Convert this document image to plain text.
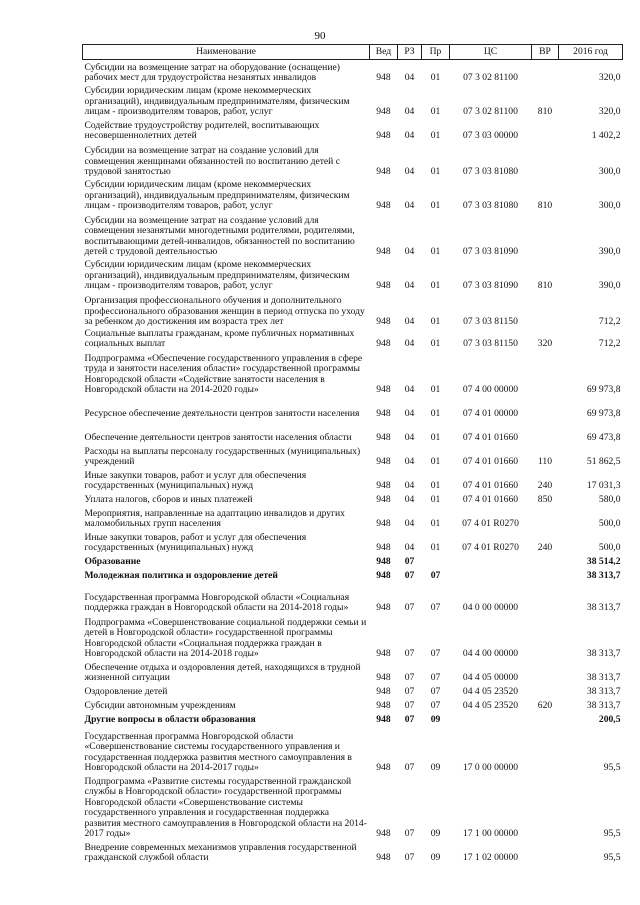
90
Наименование	Вед	РЗ	Пр	ЦС	ВР	2016 год
Субсидии на возмещение затрат на оборудование (оснащение) рабочих мест для трудоустройства незанятых инвалидов	948	04	01	07 3 02 81100		320,0
Субсидии юридическим лицам (кроме некоммерческих организаций), индивидуальным предпринимателям, физическим лицам - производителям товаров, работ, услуг	948	04	01	07 3 02 81100	810	320,0
Содействие трудоустройству родителей, воспитывающих несовершеннолетних детей	948	04	01	07 3 03 00000		1 402,2
Субсидии на возмещение затрат на создание условий для совмещения женщинами обязанностей по воспитанию детей с трудовой занятостью	948	04	01	07 3 03 81080		300,0
Субсидии юридическим лицам (кроме некоммерческих организаций), индивидуальным предпринимателям, физическим лицам - производителям товаров, работ, услуг	948	04	01	07 3 03 81080	810	300,0
Субсидии на возмещение затрат на создание условий для совмещения незанятыми многодетными родителями, родителями, воспитывающими детей-инвалидов, обязанностей по воспитанию детей с трудовой деятельностью	948	04	01	07 3 03 81090		390,0
Субсидии юридическим лицам (кроме некоммерческих организаций), индивидуальным предпринимателям, физическим лицам - производителям товаров, работ, услуг	948	04	01	07 3 03 81090	810	390,0
Организация профессионального обучения и дополнительного профессионального образования женщин в период отпуска по уходу за ребенком до достижения им возраста трех лет	948	04	01	07 3 03 81150		712,2
Социальные выплаты гражданам, кроме публичных нормативных социальных выплат	948	04	01	07 3 03 81150	320	712,2
Подпрограмма «Обеспечение государственного управления в сфере труда и занятости населения области» государственной программы Новгородской области «Содействие занятости населения в Новгородской области на 2014-2020 годы»	948	04	01	07 4 00 00000		69 973,8
Ресурсное обеспечение деятельности центров занятости населения	948	04	01	07 4 01 00000		69 973,8
Обеспечение деятельности центров занятости населения области	948	04	01	07 4 01 01660		69 473,8
Расходы на выплаты персоналу государственных (муниципальных) учреждений	948	04	01	07 4 01 01660	110	51 862,5
Иные закупки товаров, работ и услуг для обеспечения государственных (муниципальных) нужд	948	04	01	07 4 01 01660	240	17 031,3
Уплата налогов, сборов и иных платежей	948	04	01	07 4 01 01660	850	580,0
Мероприятия, направленные на адаптацию инвалидов и других маломобильных групп населения	948	04	01	07 4 01 R0270		500,0
Иные закупки товаров, работ и услуг для обеспечения государственных (муниципальных) нужд	948	04	01	07 4 01 R0270	240	500,0
Образование	948	07				38 514,2
Молодежная политика и оздоровление детей	948	07	07			38 313,7
Государственная программа Новгородской области «Социальная поддержка граждан в Новгородской области на 2014-2018 годы»	948	07	07	04 0 00 00000		38 313,7
Подпрограмма «Совершенствование социальной поддержки семьи и детей в Новгородской области» государственной программы Новгородской области «Социальная поддержка граждан в Новгородской области на 2014-2018 годы»	948	07	07	04 4 00 00000		38 313,7
Обеспечение отдыха и оздоровления детей, находящихся в трудной жизненной ситуации	948	07	07	04 4 05 00000		38 313,7
Оздоровление детей	948	07	07	04 4 05 23520		38 313,7
Субсидии автономным учреждениям	948	07	07	04 4 05 23520	620	38 313,7
Другие вопросы в области образования	948	07	09			200,5
Государственная программа Новгородской области «Совершенствование системы государственного управления и государственная поддержка развития местного самоуправления в Новгородской области на 2014-2017 годы»	948	07	09	17 0 00 00000		95,5
Подпрограмма «Развитие системы государственной гражданской службы в Новгородской области» государственной программы Новгородской области «Совершенствование системы государственного управления и государственная поддержка развития местного самоуправления в Новгородской области на 2014-2017 годы»	948	07	09	17 1 00 00000		95,5
Внедрение современных механизмов управления государственной гражданской службой области	948	07	09	17 1 02 00000		95,5
